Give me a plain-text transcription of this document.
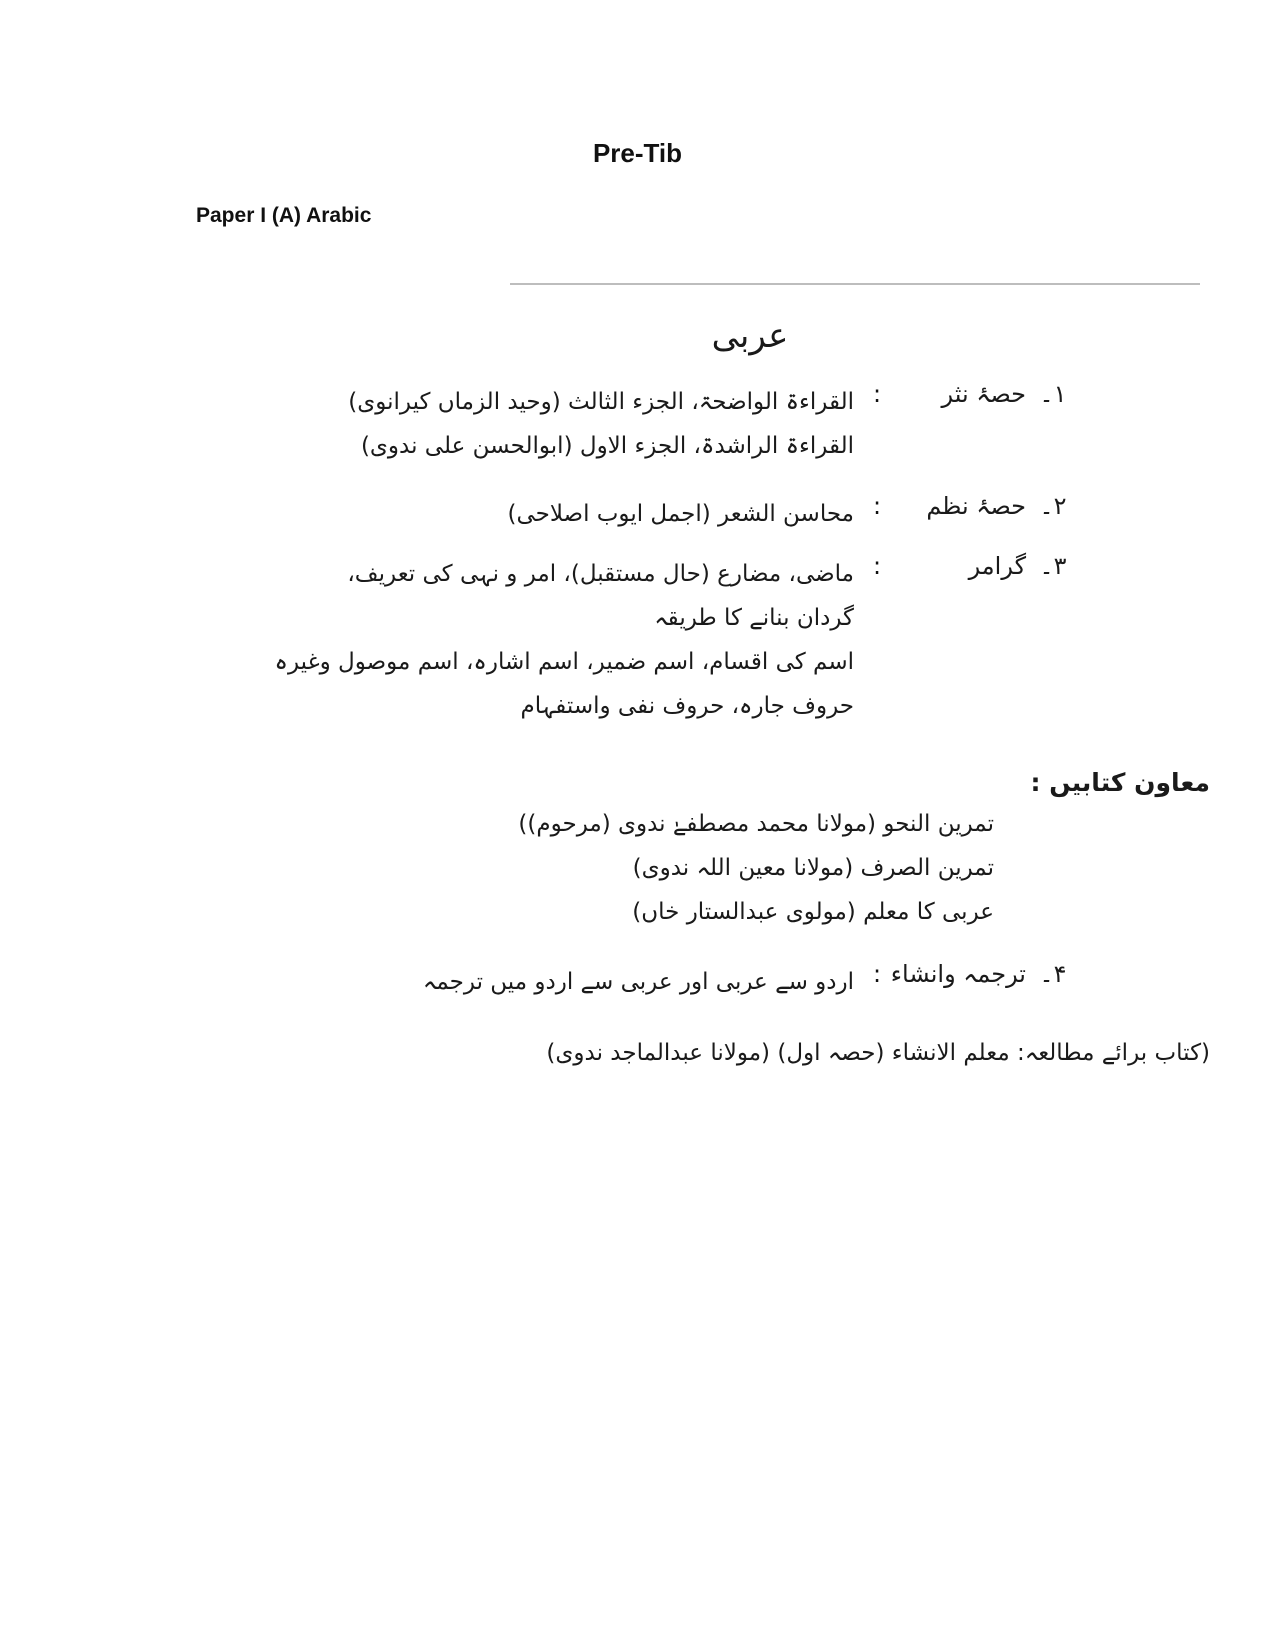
Pre-Tib
Paper I (A) Arabic
عربی
۱۔
حصۂ نثر
:
القراءۃ الواضحۃ، الجزء الثالث (وحید الزماں کیرانوی)
القراءۃ الراشدۃ، الجزء الاول (ابوالحسن علی ندوی)
۲۔
حصۂ نظم
:
محاسن الشعر (اجمل ایوب اصلاحی)
۳۔
گرامر
:
ماضی، مضارع (حال مستقبل)، امر و نہی کی تعریف،
گردان بنانے کا طریقہ
اسم کی اقسام، اسم ضمیر، اسم اشارہ، اسم موصول وغیرہ
حروف جارہ، حروف نفی واستفہام
معاون کتابیں :
تمرین النحو (مولانا محمد مصطفےٰ ندوی (مرحوم))
تمرین الصرف (مولانا معین اللہ ندوی)
عربی کا معلم (مولوی عبدالستار خاں)
۴۔
ترجمہ وانشاء
:
اردو سے عربی اور عربی سے اردو میں ترجمہ
(کتاب برائے مطالعہ: معلم الانشاء (حصہ اول) (مولانا عبدالماجد ندوی)
